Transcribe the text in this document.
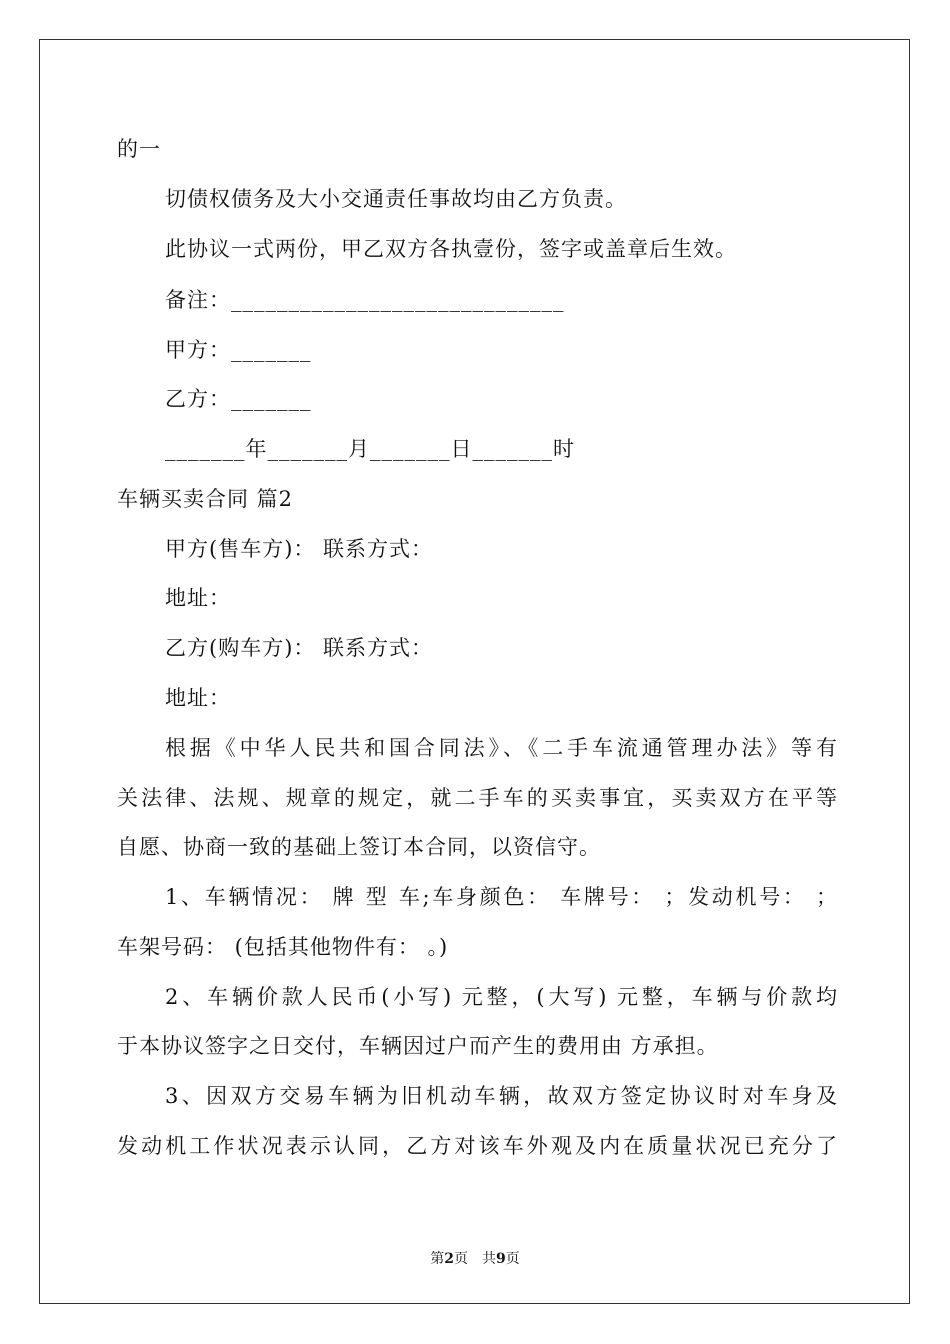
的一
切债权债务及大小交通责任事故均由乙方负责。
此协议一式两份，甲乙双方各执壹份，签字或盖章后生效。
备注：_____________________________
甲方：_______
乙方：_______
_______年_______月_______日_______时
车辆买卖合同 篇2
甲方(售车方)： 联系方式：
地址：
乙方(购车方)： 联系方式：
地址：
根据《中华人民共和国合同法》、《二手车流通管理办法》等有
关法律、法规、规章的规定，就二手车的买卖事宜，买卖双方在平等
自愿、协商一致的基础上签订本合同，以资信守。
1、车辆情况： 牌 型 车;车身颜色： 车牌号： ；发动机号： ；
车架号码： (包括其他物件有： 。)
2、车辆价款人民币(小写) 元整，(大写) 元整，车辆与价款均
于本协议签字之日交付，车辆因过户而产生的费用由 方承担。
3、因双方交易车辆为旧机动车辆，故双方签定协议时对车身及
发动机工作状况表示认同，乙方对该车外观及内在质量状况已充分了
第2页　共9页
